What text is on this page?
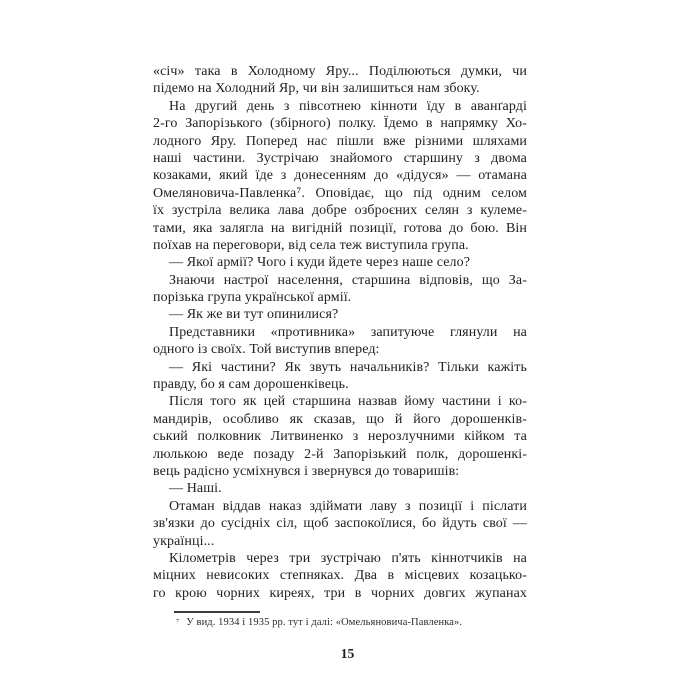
«січ» така в Холодному Яру... Поділюються думки, чи
підемо на Холодний Яр, чи він залишиться нам збоку.
На другий день з півсотнею кінноти їду в аванґарді
2-го Запорізького (збірного) полку. Їдемо в напрямку Хо-
лодного Яру. Поперед нас пішли вже різними шляхами
наші частини. Зустрічаю знайомого старшину з двома
козаками, який їде з донесенням до «дідуся» — отамана
Омеляновича-Павленка⁷. Оповідає, що під одним селом
їх зустріла велика лава добре озброєних селян з кулеме-
тами, яка залягла на вигідній позиції, готова до бою. Він
поїхав на переговори, від села теж виступила група.
— Якої армії? Чого і куди йдете через наше село?
Знаючи настрої населення, старшина відповів, що За-
порізька група української армії.
— Як же ви тут опинилися?
Представники «противника» запитуюче глянули на
одного із своїх. Той виступив вперед:
— Які частини? Як звуть начальників? Тільки кажіть
правду, бо я сам дорошенківець.
Після того як цей старшина назвав йому частини і ко-
мандирів, особливо як сказав, що й його дорошенків-
ський полковник Литвиненко з нерозлучними кійком та
люлькою веде позаду 2-й Запорізький полк, дорошенкі-
вець радісно усміхнувся і звернувся до товаришів:
— Наші.
Отаман віддав наказ здіймати лаву з позиції і післати
зв'язки до сусідніх сіл, щоб заспокоїлися, бо йдуть свої —
українці...
Кілометрів через три зустрічаю п'ять кіннотчиків на
міцних невисоких степняках. Два в місцевих козацько-
го крою чорних киреях, три в чорних довгих жупанах
⁷ У вид. 1934 і 1935 рр. тут і далі: «Омельяновича-Павленка».
15
